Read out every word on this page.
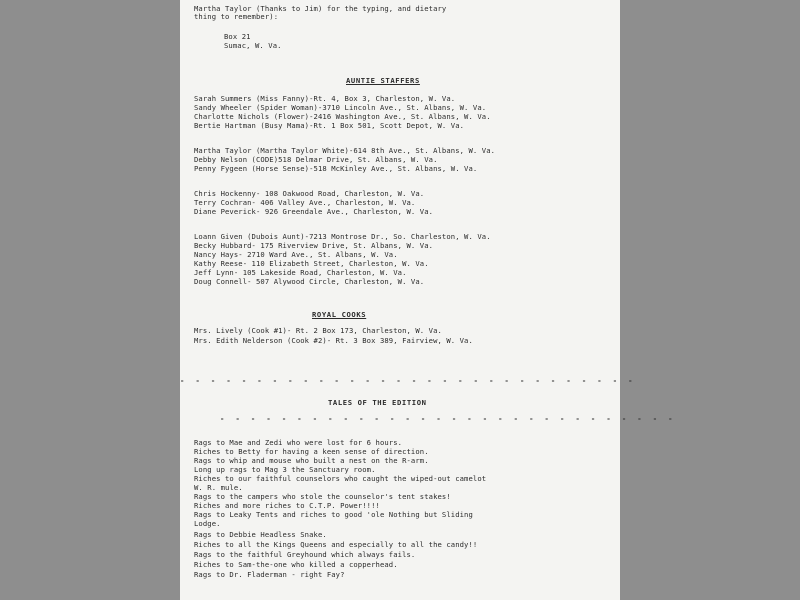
Martha Taylor (Thanks to Jim) for the typing, and dietary
thing to remember):
Box 21
Sumac, W. Va.
AUNTIE STAFFERS
Sarah Summers (Miss Fanny)-Rt. 4, Box 3, Charleston, W. Va.
Sandy Wheeler (Spider Woman)-3710 Lincoln Ave., St. Albans, W. Va.
Charlotte Nichols (Flower)-2416 Washington Ave., St. Albans, W. Va.
Bertie Hartman (Busy Mama)-Rt. 1 Box 501, Scott Depot, W. Va.
Martha Taylor (Martha Taylor White)-614 8th Ave., St. Albans, W. Va.
Debby Nelson (CODE)518 Delmar Drive, St. Albans, W. Va.
Penny Fygeen (Horse Sense)-518 McKinley Ave., St. Albans, W. Va.
Chris Hockenny- 108 Oakwood Road, Charleston, W. Va.
Terry Cochran- 406 Valley Ave., Charleston, W. Va.
Diane Peverick- 926 Greendale Ave., Charleston, W. Va.
Loann Given (Dubois Aunt)-7213 Montrose Dr., So. Charleston, W. Va.
Becky Hubbard- 175 Riverview Drive, St. Albans, W. Va.
Nancy Hays- 2710 Ward Ave., St. Albans, W. Va.
Kathy Reese- 110 Elizabeth Street, Charleston, W. Va.
Jeff Lynn- 105 Lakeside Road, Charleston, W. Va.
Doug Connell- 507 Alywood Circle, Charleston, W. Va.
ROYAL COOKS
Mrs. Lively (Cook #1)- Rt. 2 Box 173, Charleston, W. Va.
Mrs. Edith Nelderson (Cook #2)- Rt. 3 Box 389, Fairview, W. Va.
- - - - - - - - - - - - - - - - - - - - - - - - - - - - - -
TALES OF THE EDITION
- - - - - - - - - - - - - - - - - - - - - - - - - - - - - -
Rags to Mae and Zedi who were lost for 6 hours.
Riches to Betty for having a keen sense of direction.
Rags to whip and mouse who built a nest on the R-arm.
Long up rags to Mag 3 the Sanctuary room.
Riches to our faithful counselors who caught the wiped-out camelot
W. R. mule.
Rags to the campers who stole the counselor's tent stakes!
Riches and more riches to C.T.P. Power!!!!
Rags to Leaky Tents and riches to good 'ole Nothing but Sliding
Lodge.
Rags to Debbie Headless Snake.
Riches to all the Kings Queens and especially to all the candy!!
Rags to the faithful Greyhound which always fails.
Riches to Sam-the-one who killed a copperhead.
Rags to Dr. Fladerman - right Fay?
